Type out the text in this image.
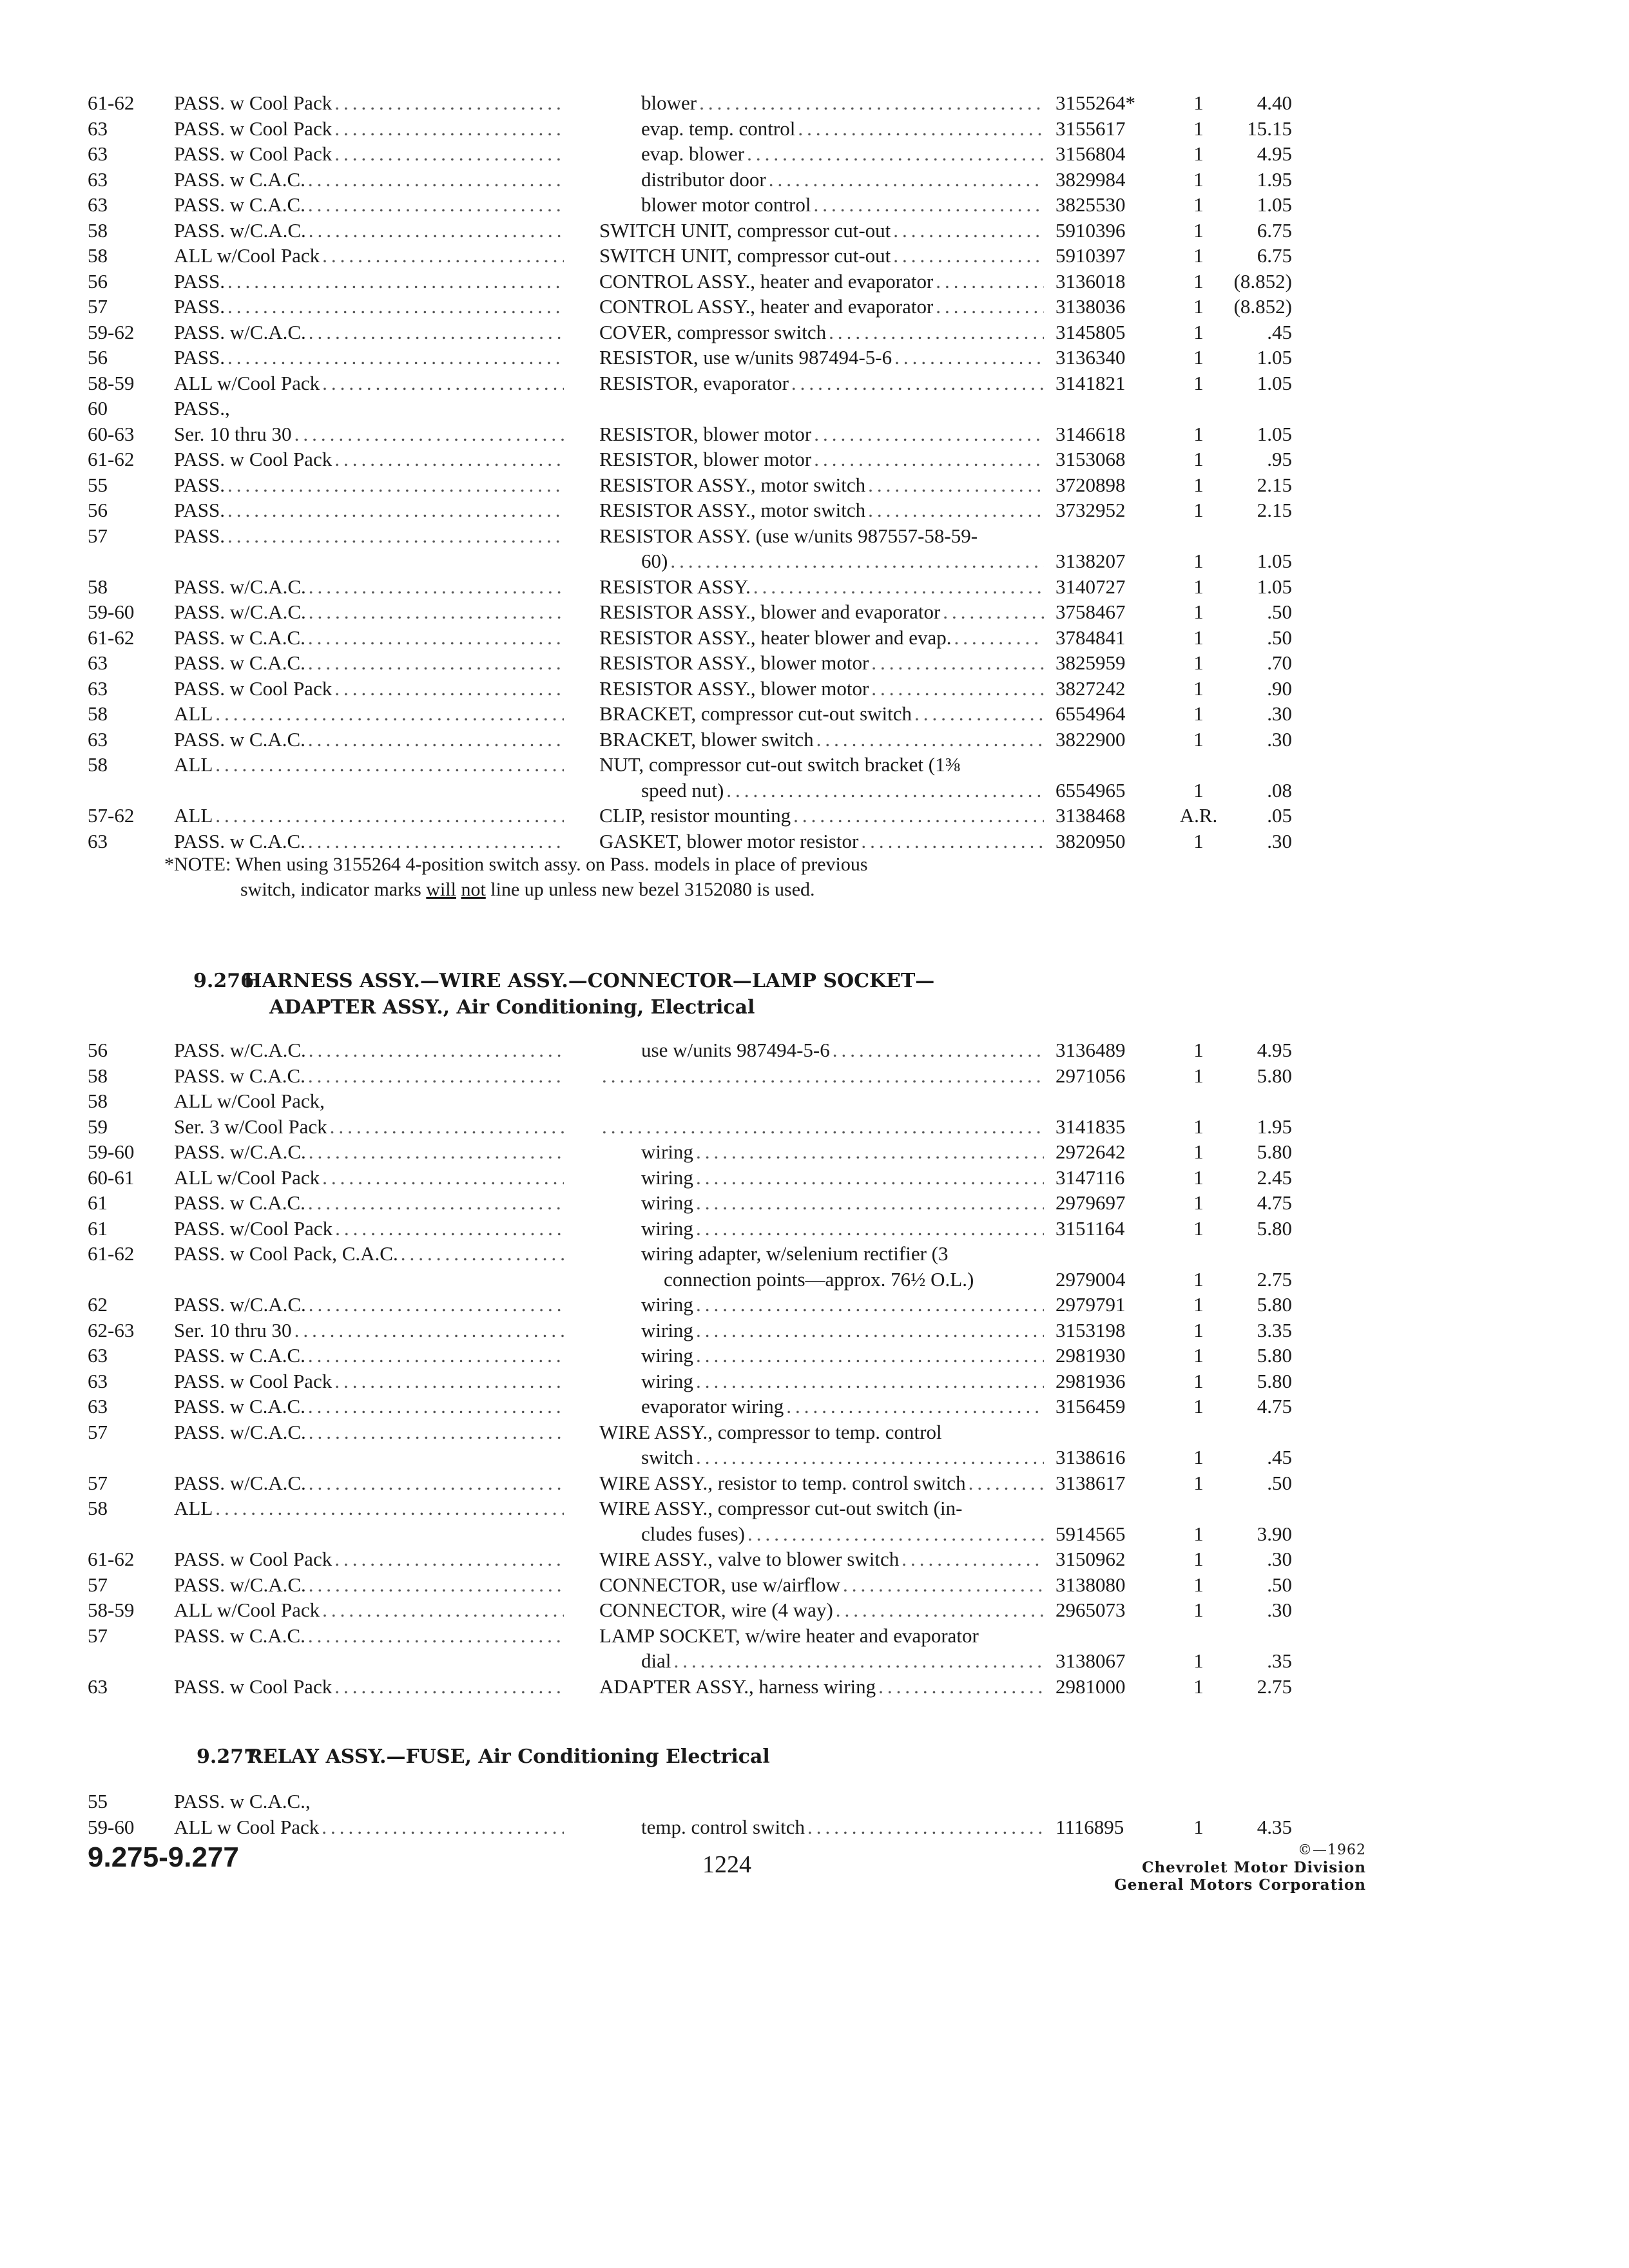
61-62	PASS. w Cool Pack .....	blower .....	3155264*	1	4.40
63	PASS. w Cool Pack .....	evap. temp. control .....	3155617	1	15.15
63	PASS. w Cool Pack .....	evap. blower .....	3156804	1	4.95
63	PASS. w C.A.C. .....	distributor door .....	3829984	1	1.95
63	PASS. w C.A.C. .....	blower motor control .....	3825530	1	1.05
58	PASS. w/C.A.C. .....	SWITCH UNIT, compressor cut-out .....	5910396	1	6.75
58	ALL w/Cool Pack .....	SWITCH UNIT, compressor cut-out .....	5910397	1	6.75
56	PASS. .....	CONTROL ASSY., heater and evaporator .....	3136018	1	(8.852)
57	PASS. .....	CONTROL ASSY., heater and evaporator .....	3138036	1	(8.852)
59-62	PASS. w/C.A.C. .....	COVER, compressor switch .....	3145805	1	.45
56	PASS. .....	RESISTOR, use w/units 987494-5-6 .....	3136340	1	1.05
58-59	ALL w/Cool Pack .....	RESISTOR, evaporator .....	3141821	1	1.05
60	PASS.,
60-63	Ser. 10 thru 30 .....	RESISTOR, blower motor .....	3146618	1	1.05
61-62	PASS. w Cool Pack .....	RESISTOR, blower motor .....	3153068	1	.95
55	PASS. .....	RESISTOR ASSY., motor switch .....	3720898	1	2.15
56	PASS. .....	RESISTOR ASSY., motor switch .....	3732952	1	2.15
57	PASS. .....	RESISTOR ASSY. (use w/units 987557-58-59-
60) .....	3138207	1	1.05
58	PASS. w/C.A.C. .....	RESISTOR ASSY. .....	3140727	1	1.05
59-60	PASS. w/C.A.C. .....	RESISTOR ASSY., blower and evaporator .....	3758467	1	.50
61-62	PASS. w C.A.C. .....	RESISTOR ASSY., heater blower and evap. .....	3784841	1	.50
63	PASS. w C.A.C. .....	RESISTOR ASSY., blower motor .....	3825959	1	.70
63	PASS. w Cool Pack .....	RESISTOR ASSY., blower motor .....	3827242	1	.90
58	ALL .....	BRACKET, compressor cut-out switch .....	6554964	1	.30
63	PASS. w C.A.C. .....	BRACKET, blower switch .....	3822900	1	.30
58	ALL .....	NUT, compressor cut-out switch bracket (1⅜
speed nut) .....	6554965	1	.08
57-62	ALL .....	CLIP, resistor mounting .....	3138468	A.R.	.05
63	PASS. w C.A.C. .....	GASKET, blower motor resistor .....	3820950	1	.30
*NOTE: When using 3155264 4-position switch assy. on Pass. models in place of previous
switch, indicator marks will not line up unless new bezel 3152080 is used.
9.276HARNESS ASSY.—WIRE ASSY.—CONNECTOR—LAMP SOCKET—
ADAPTER ASSY., Air Conditioning, Electrical
56	PASS. w/C.A.C. .....	use w/units 987494-5-6 .....	3136489	1	4.95
58	PASS. w C.A.C. ..... .....	2971056	1	5.80
58	ALL w/Cool Pack,
59	Ser. 3 w/Cool Pack ..... .....	3141835	1	1.95
59-60	PASS. w/C.A.C. .....	wiring .....	2972642	1	5.80
60-61	ALL w/Cool Pack .....	wiring .....	3147116	1	2.45
61	PASS. w C.A.C. .....	wiring .....	2979697	1	4.75
61	PASS. w/Cool Pack .....	wiring .....	3151164	1	5.80
61-62	PASS. w Cool Pack, C.A.C. .....	wiring adapter, w/selenium rectifier (3
connection points—approx. 76½ O.L.)	2979004	1	2.75
62	PASS. w/C.A.C. .....	wiring .....	2979791	1	5.80
62-63	Ser. 10 thru 30 .....	wiring .....	3153198	1	3.35
63	PASS. w C.A.C. .....	wiring .....	2981930	1	5.80
63	PASS. w Cool Pack .....	wiring .....	2981936	1	5.80
63	PASS. w C.A.C. .....	evaporator wiring .....	3156459	1	4.75
57	PASS. w/C.A.C. .....	WIRE ASSY., compressor to temp. control
switch .....	3138616	1	.45
57	PASS. w/C.A.C. .....	WIRE ASSY., resistor to temp. control switch .....	3138617	1	.50
58	ALL .....	WIRE ASSY., compressor cut-out switch (in-
cludes fuses) .....	5914565	1	3.90
61-62	PASS. w Cool Pack .....	WIRE ASSY., valve to blower switch .....	3150962	1	.30
57	PASS. w/C.A.C. .....	CONNECTOR, use w/airflow .....	3138080	1	.50
58-59	ALL w/Cool Pack .....	CONNECTOR, wire (4 way) .....	2965073	1	.30
57	PASS. w C.A.C. .....	LAMP SOCKET, w/wire heater and evaporator
dial .....	3138067	1	.35
63	PASS. w Cool Pack .....	ADAPTER ASSY., harness wiring .....	2981000	1	2.75
9.277RELAY ASSY.—FUSE, Air Conditioning Electrical
55	PASS. w C.A.C.,
59-60	ALL w Cool Pack .....	temp. control switch .....	1116895	1	4.35
9.275-9.277	1224
©—1962
Chevrolet Motor Division
General Motors Corporation
